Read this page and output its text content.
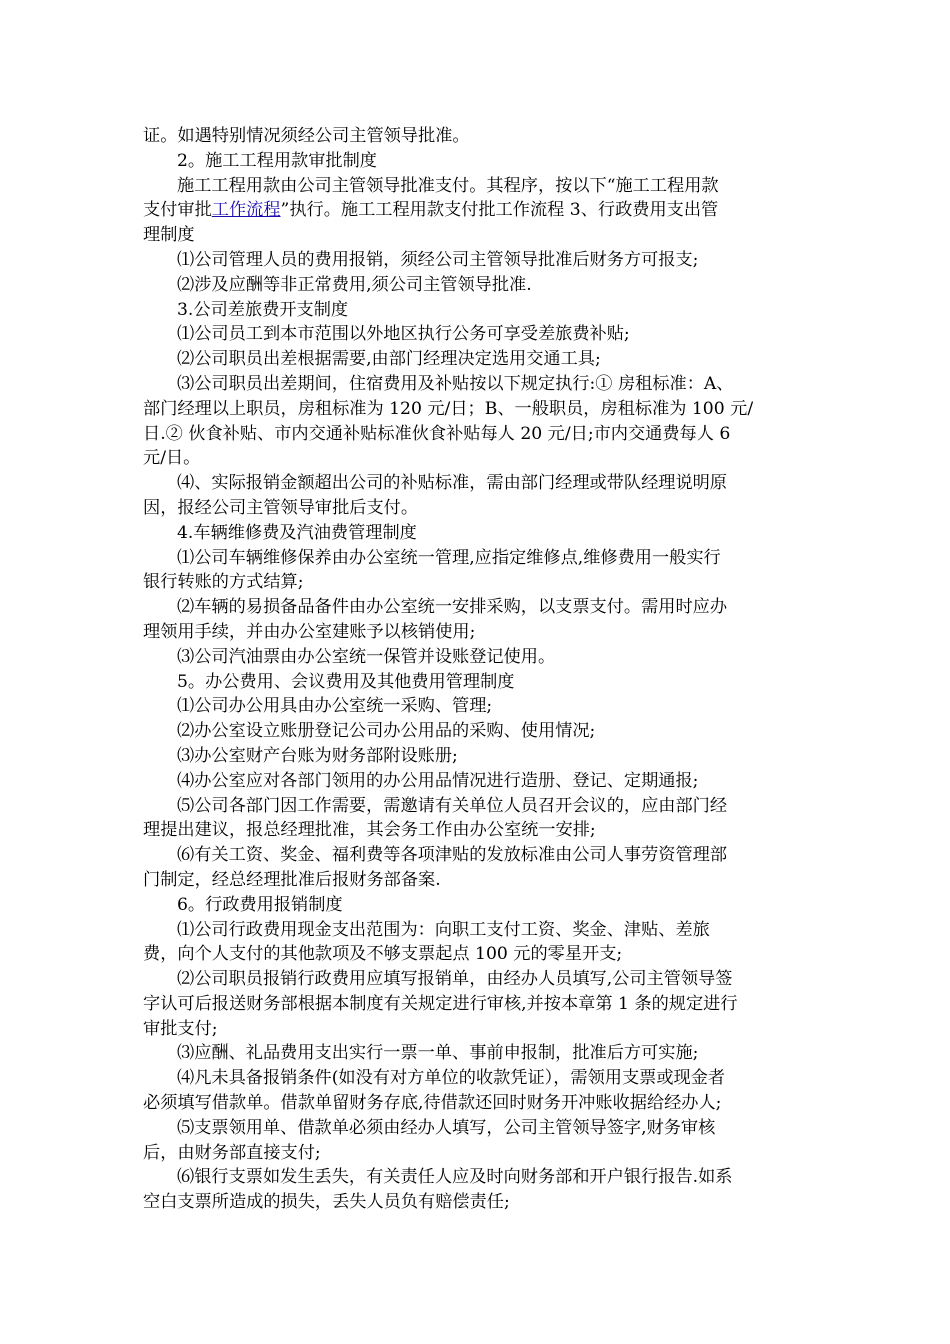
证。如遇特别情况须经公司主管领导批准。
2。施工工程用款审批制度
施工工程用款由公司主管领导批准支付。其程序，按以下“施工工程用款
支付审批工作流程”执行。施工工程用款支付批工作流程 3、行政费用支出管
理制度
⑴公司管理人员的费用报销，须经公司主管领导批准后财务方可报支;
⑵涉及应酬等非正常费用,须公司主管领导批准.
3.公司差旅费开支制度
⑴公司员工到本市范围以外地区执行公务可享受差旅费补贴;
⑵公司职员出差根据需要,由部门经理决定选用交通工具;
⑶公司职员出差期间，住宿费用及补贴按以下规定执行:① 房租标准：A、
部门经理以上职员，房租标准为 120 元/日；B、一般职员，房租标准为 100 元/
日.② 伙食补贴、市内交通补贴标准伙食补贴每人 20 元/日;市内交通费每人 6
元/日。
⑷、实际报销金额超出公司的补贴标准，需由部门经理或带队经理说明原
因，报经公司主管领导审批后支付。
4.车辆维修费及汽油费管理制度
⑴公司车辆维修保养由办公室统一管理,应指定维修点,维修费用一般实行
银行转账的方式结算;
⑵车辆的易损备品备件由办公室统一安排采购，以支票支付。需用时应办
理领用手续，并由办公室建账予以核销使用;
⑶公司汽油票由办公室统一保管并设账登记使用。
5。办公费用、会议费用及其他费用管理制度
⑴公司办公用具由办公室统一采购、管理;
⑵办公室设立账册登记公司办公用品的采购、使用情况;
⑶办公室财产台账为财务部附设账册;
⑷办公室应对各部门领用的办公用品情况进行造册、登记、定期通报;
⑸公司各部门因工作需要，需邀请有关单位人员召开会议的，应由部门经
理提出建议，报总经理批准，其会务工作由办公室统一安排;
⑹有关工资、奖金、福利费等各项津贴的发放标准由公司人事劳资管理部
门制定，经总经理批准后报财务部备案.
6。行政费用报销制度
⑴公司行政费用现金支出范围为：向职工支付工资、奖金、津贴、差旅
费，向个人支付的其他款项及不够支票起点 100 元的零星开支;
⑵公司职员报销行政费用应填写报销单，由经办人员填写,公司主管领导签
字认可后报送财务部根据本制度有关规定进行审核,并按本章第 1 条的规定进行
审批支付;
⑶应酬、礼品费用支出实行一票一单、事前申报制，批准后方可实施;
⑷凡未具备报销条件(如没有对方单位的收款凭证），需领用支票或现金者
必须填写借款单。借款单留财务存底,待借款还回时财务开冲账收据给经办人;
⑸支票领用单、借款单必须由经办人填写，公司主管领导签字,财务审核
后，由财务部直接支付;
⑹银行支票如发生丢失，有关责任人应及时向财务部和开户银行报告.如系
空白支票所造成的损失，丢失人员负有赔偿责任;
